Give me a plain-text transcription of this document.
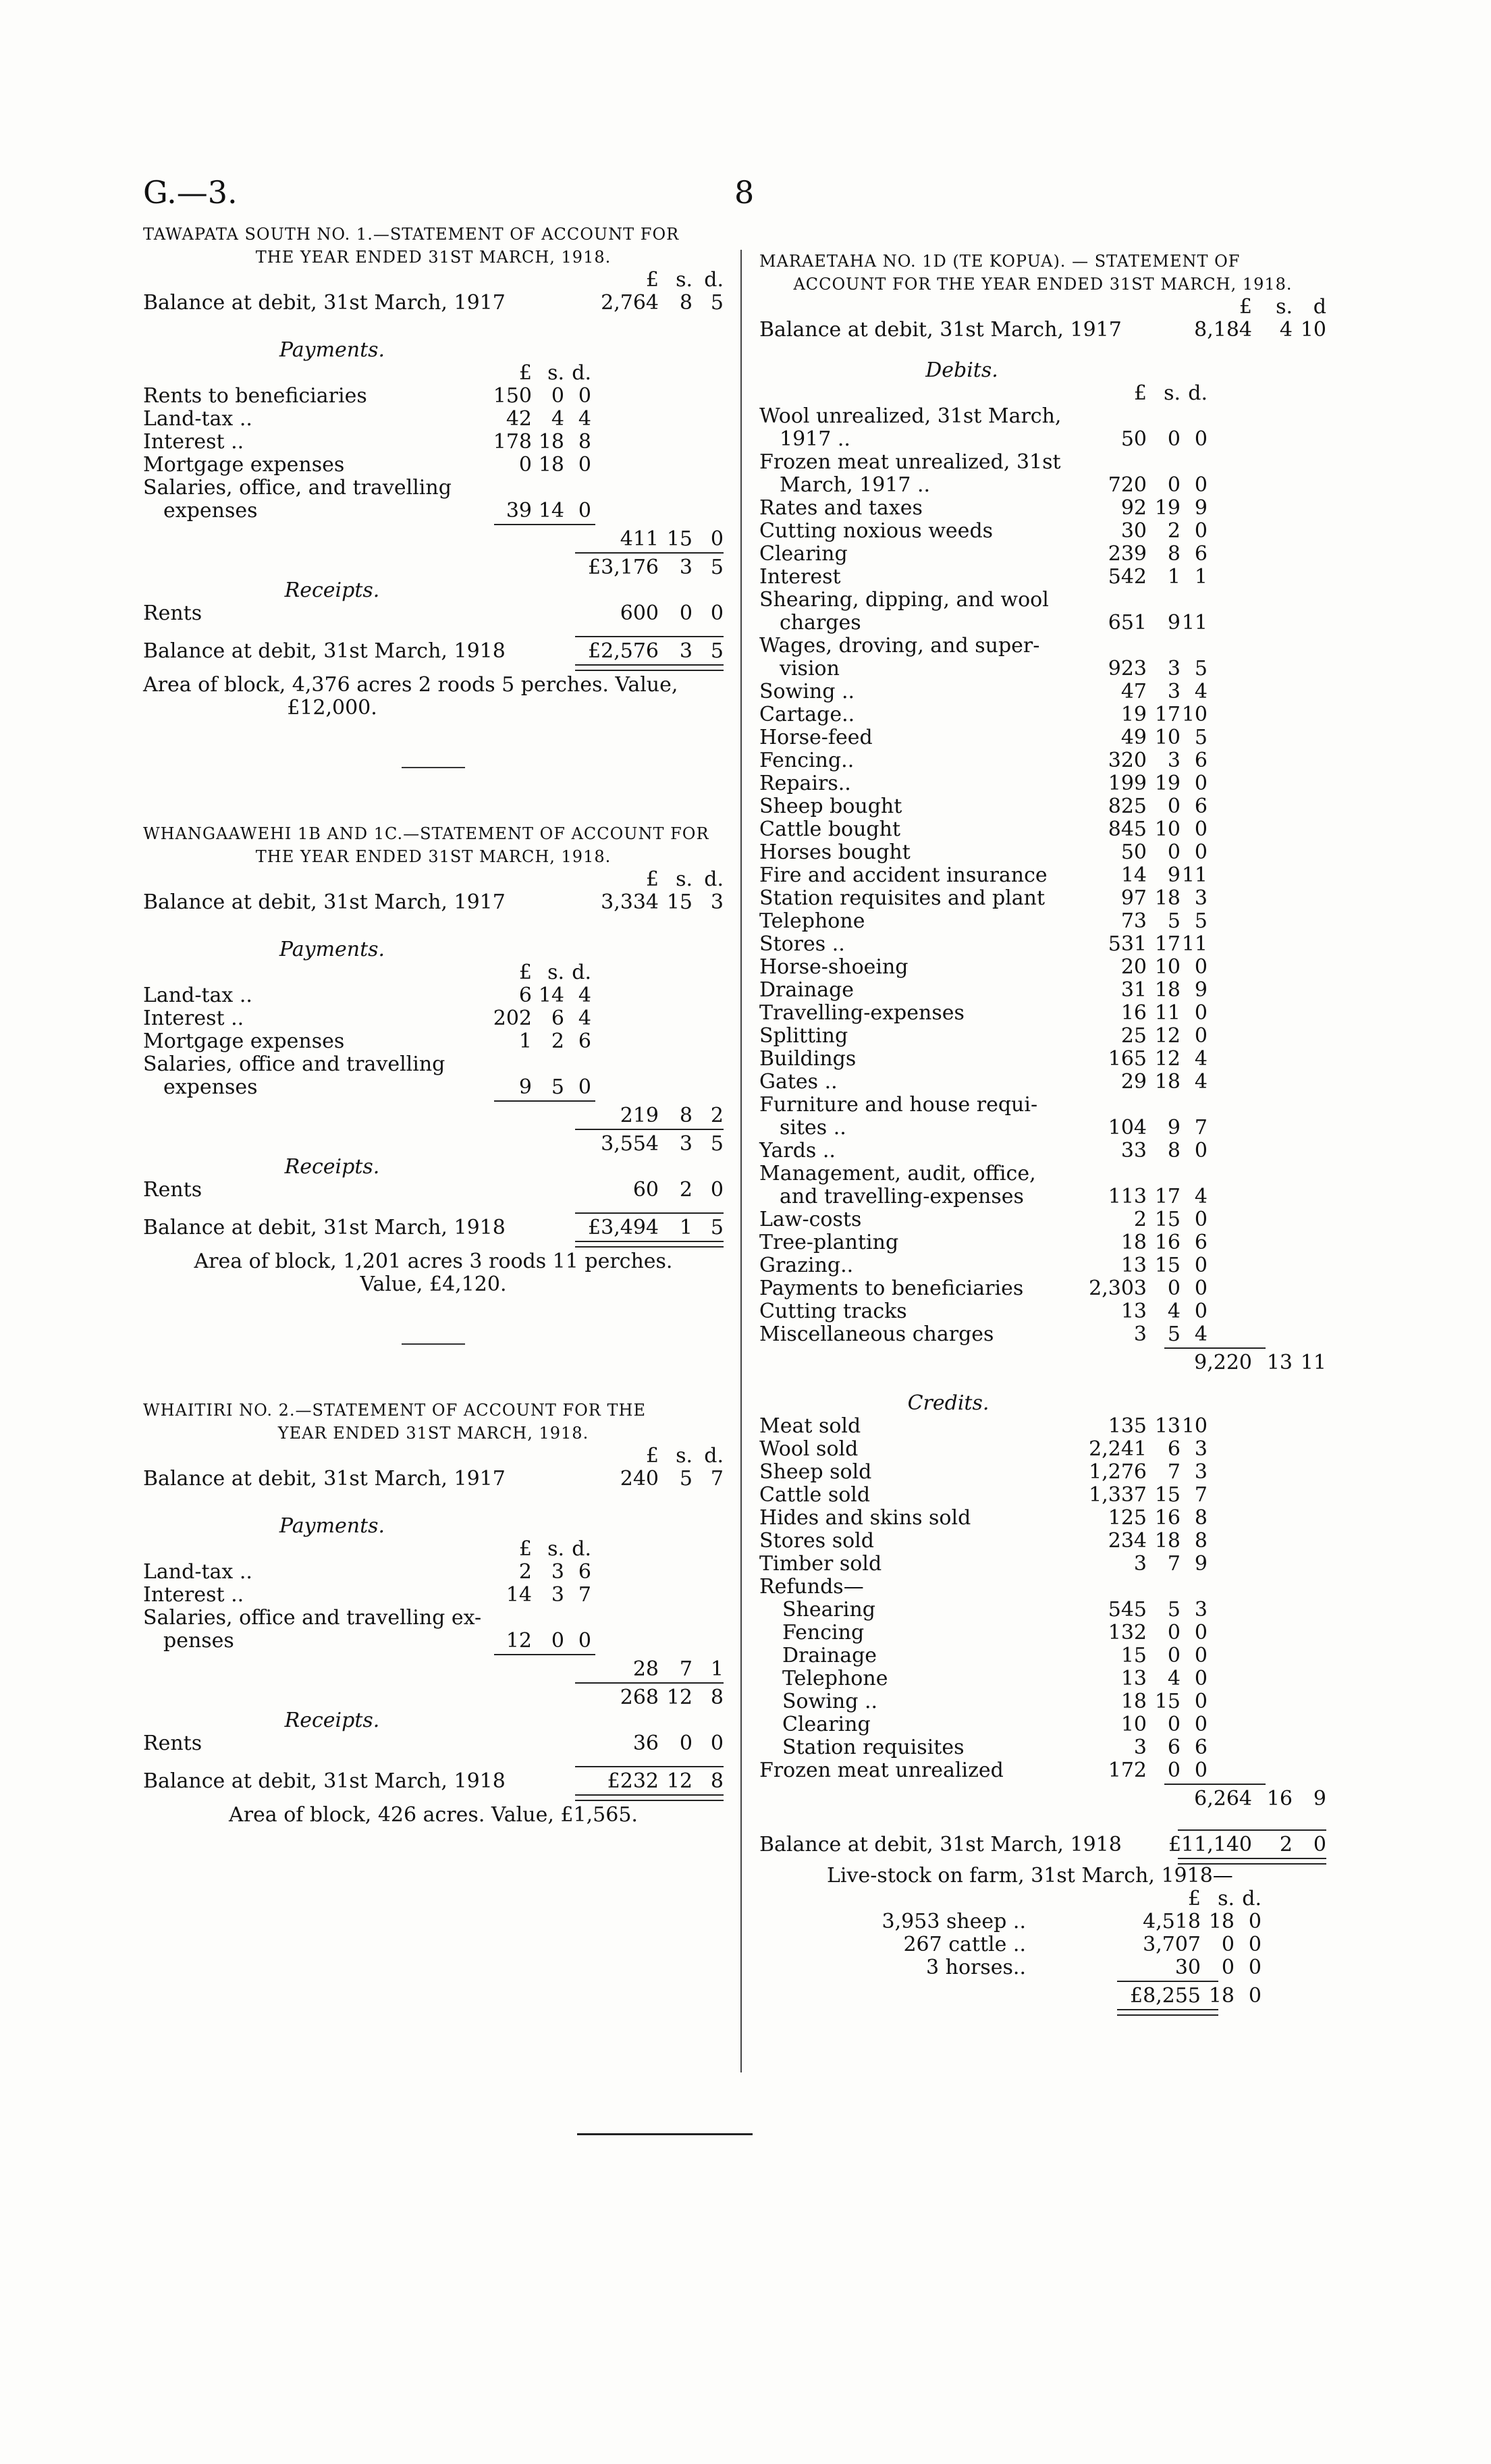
G.—3.	8
TAWAPATA SOUTH NO. 1.—STATEMENT OF ACCOUNT FOR
THE YEAR ENDED 31ST MARCH, 1918.
£ s. d.
Balance at debit, 31st March, 1917	2,764 8 5
Payments.
£ s. d.
Rents to beneficiaries	150 0 0
Land-tax ..	42 4 4
Interest ..	178 18 8
Mortgage expenses	0 18 0
Salaries, office, and travelling
expenses	39 14 0
411 15 0
£3,176 3 5
Receipts.
Rents	600 0 0
Balance at debit, 31st March, 1918	£2,576 3 5
Area of block, 4,376 acres 2 roods 5 perches. Value,
£12,000.
WHANGAAWEHI 1B AND 1C.—STATEMENT OF ACCOUNT FOR
THE YEAR ENDED 31ST MARCH, 1918.
£ s. d.
Balance at debit, 31st March, 1917	3,334 15 3
Payments.
£ s. d.
Land-tax ..	6 14 4
Interest ..	202 6 4
Mortgage expenses	1 2 6
Salaries, office and travelling
expenses	9 5 0
219 8 2
3,554 3 5
Receipts.
Rents	60 2 0
Balance at debit, 31st March, 1918	£3,494 1 5
Area of block, 1,201 acres 3 roods 11 perches.
Value, £4,120.
WHAITIRI NO. 2.—STATEMENT OF ACCOUNT FOR THE
YEAR ENDED 31ST MARCH, 1918.
£ s. d.
Balance at debit, 31st March, 1917	240 5 7
Payments.
£ s. d.
Land-tax ..	2 3 6
Interest ..	14 3 7
Salaries, office and travelling ex-
penses	12 0 0
28 7 1
268 12 8
Receipts.
Rents	36 0 0
Balance at debit, 31st March, 1918	£232 12 8
Area of block, 426 acres. Value, £1,565.
MARAETAHA NO. 1D (TE KOPUA). — STATEMENT OF
ACCOUNT FOR THE YEAR ENDED 31ST MARCH, 1918.
£ s. d
Balance at debit, 31st March, 1917	8,184 4 10
Debits.
£ s. d.
Wool unrealized, 31st March,
1917 ..	50 0 0
Frozen meat unrealized, 31st
March, 1917 ..	720 0 0
Rates and taxes	92 19 9
Cutting noxious weeds	30 2 0
Clearing	239 8 6
Interest	542 1 1
Shearing, dipping, and wool
charges	651 9 11
Wages, droving, and super-
vision	923 3 5
Sowing ..	47 3 4
Cartage..	19 17 10
Horse-feed	49 10 5
Fencing..	320 3 6
Repairs..	199 19 0
Sheep bought	825 0 6
Cattle bought	845 10 0
Horses bought	50 0 0
Fire and accident insurance	14 9 11
Station requisites and plant	97 18 3
Telephone	73 5 5
Stores ..	531 17 11
Horse-shoeing	20 10 0
Drainage	31 18 9
Travelling-expenses	16 11 0
Splitting	25 12 0
Buildings	165 12 4
Gates ..	29 18 4
Furniture and house requi-
sites ..	104 9 7
Yards ..	33 8 0
Management, audit, office,
and travelling-expenses	113 17 4
Law-costs	2 15 0
Tree-planting	18 16 6
Grazing..	13 15 0
Payments to beneficiaries	2,303 0 0
Cutting tracks	13 4 0
Miscellaneous charges	3 5 4
9,220 13 11
Credits.
Meat sold	135 13 10
Wool sold	2,241 6 3
Sheep sold	1,276 7 3
Cattle sold	1,337 15 7
Hides and skins sold	125 16 8
Stores sold	234 18 8
Timber sold	3 7 9
Refunds—
Shearing	545 5 3
Fencing	132 0 0
Drainage	15 0 0
Telephone	13 4 0
Sowing ..	18 15 0
Clearing	10 0 0
Station requisites	3 6 6
Frozen meat unrealized	172 0 0
6,264 16 9
Balance at debit, 31st March, 1918 £11,140 2 0
Live-stock on farm, 31st March, 1918—
£ s. d.
3,953 sheep ..	4,518 18 0
267 cattle ..	3,707 0 0
3 horses..	30 0 0
£8,255 18 0
